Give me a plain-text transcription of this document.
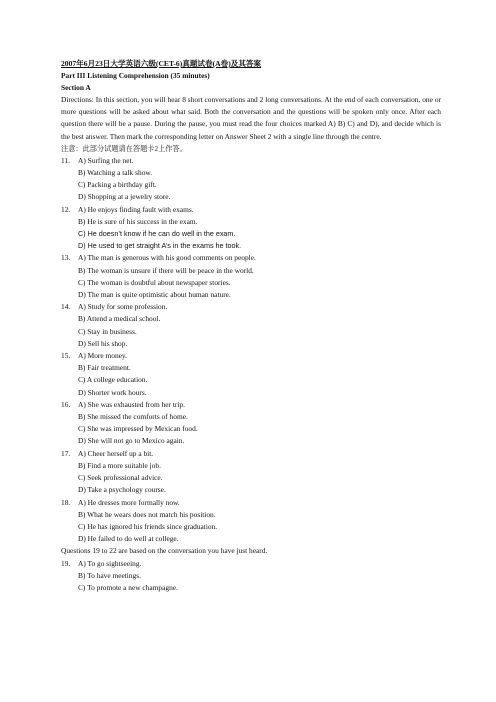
2007年6月23日大学英语六级(CET-6)真题试卷(A卷)及其答案
Part III Listening Comprehension (35 minutes)
Section A
Directions: In this section, you will hear 8 short conversations and 2 long conversations. At the end of each conversation, one or more questions will be asked about what said. Both the conversation and the questions will be spoken only once. After each question there will be a pause. During the pause, you must read the four choices marked A) B) C) and D), and decide which is the best answer. Then mark the corresponding letter on Answer Sheet 2 with a single line through the centre.
注意：此部分试题请在答题卡2上作答。
11.	A) Surfing the net.
B) Watching a talk show.
C) Packing a birthday gift.
D) Shopping at a jewelry store.
12.	A) He enjoys finding fault with exams.
B) He is sure of his success in the exam.
C) He doesn’t know if he can do well in the exam.
D) He used to get straight A’s in the exams he took.
13.	A) The man is generous with his good comments on people.
B) The woman is unsure if there will be peace in the world.
C) The woman is doubtful about newspaper stories.
D) The man is quite optimistic about human nature.
14.	A) Study for some profession.
B) Attend a medical school.
C) Stay in business.
D) Sell his shop.
15.	A) More money.
B) Fair treatment.
C) A college education.
D) Shorter work hours.
16.	A) She was exhausted from her trip.
B) She missed the comforts of home.
C) She was impressed by Mexican food.
D) She will not go to Mexico again.
17.	A) Cheer herself up a bit.
B) Find a more suitable job.
C) Seek professional advice.
D) Take a psychology course.
18.	A) He dresses more formally now.
B) What he wears does not match his position.
C) He has ignored his friends since graduation.
D) He failed to do well at college.
Questions 19 to 22 are based on the conversation you have just heard.
19.	A) To go sightseeing.
B) To have meetings.
C) To promote a new champagne.
